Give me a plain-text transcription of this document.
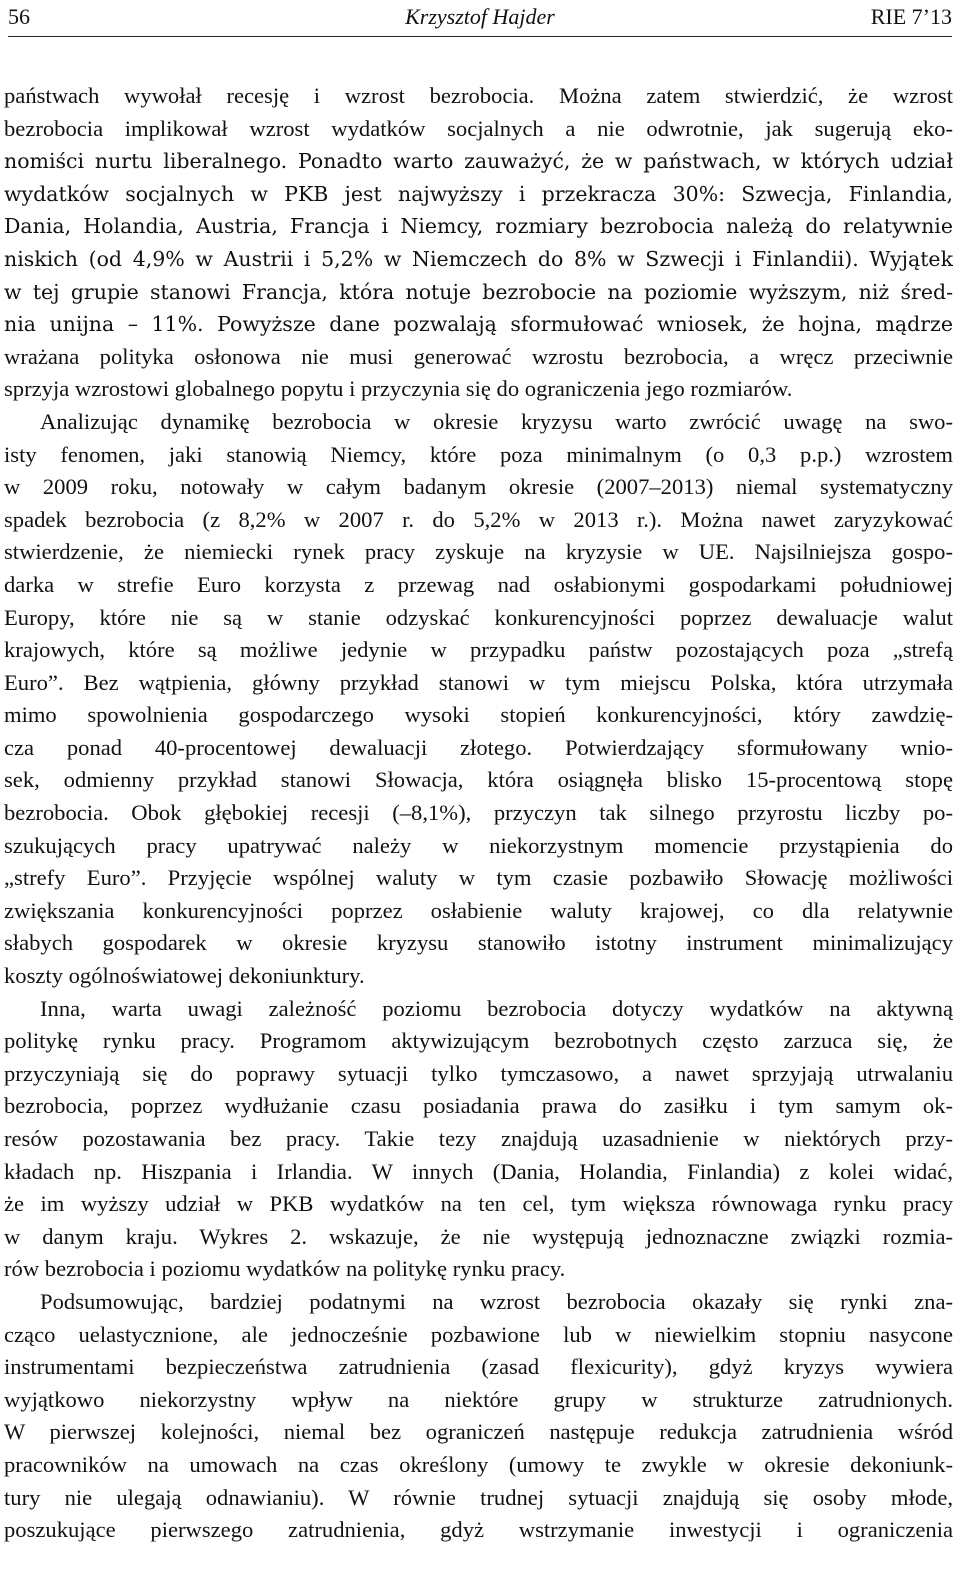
56	Krzysztof Hajder	RIE 7’13
państwach wywołał recesję i wzrost bezrobocia. Można zatem stwierdzić, że wzrost
bezrobocia implikował wzrost wydatków socjalnych a nie odwrotnie, jak sugerują eko-
nomiści nurtu liberalnego. Ponadto warto zauważyć, że w państwach, w których udział
wydatków socjalnych w PKB jest najwyższy i przekracza 30%: Szwecja, Finlandia,
Dania, Holandia, Austria, Francja i Niemcy, rozmiary bezrobocia należą do relatywnie
niskich (od 4,9% w Austrii i 5,2% w Niemczech do 8% w Szwecji i Finlandii). Wyjątek
w tej grupie stanowi Francja, która notuje bezrobocie na poziomie wyższym, niż śred-
nia unijna – 11%. Powyższe dane pozwalają sformułować wniosek, że hojna, mądrze
wrażana polityka osłonowa nie musi generować wzrostu bezrobocia, a wręcz przeciwnie
sprzyja wzrostowi globalnego popytu i przyczynia się do ograniczenia jego rozmiarów.
Analizując dynamikę bezrobocia w okresie kryzysu warto zwrócić uwagę na swo-
isty fenomen, jaki stanowią Niemcy, które poza minimalnym (o 0,3 p.p.) wzrostem
w 2009 roku, notowały w całym badanym okresie (2007–2013) niemal systematyczny
spadek bezrobocia (z 8,2% w 2007 r. do 5,2% w 2013 r.). Można nawet zaryzykować
stwierdzenie, że niemiecki rynek pracy zyskuje na kryzysie w UE. Najsilniejsza gospo-
darka w strefie Euro korzysta z przewag nad osłabionymi gospodarkami południowej
Europy, które nie są w stanie odzyskać konkurencyjności poprzez dewaluacje walut
krajowych, które są możliwe jedynie w przypadku państw pozostających poza „strefą
Euro”. Bez wątpienia, główny przykład stanowi w tym miejscu Polska, która utrzymała
mimo spowolnienia gospodarczego wysoki stopień konkurencyjności, który zawdzię-
cza ponad 40-procentowej dewaluacji złotego. Potwierdzający sformułowany wnio-
sek, odmienny przykład stanowi Słowacja, która osiągnęła blisko 15-procentową stopę
bezrobocia. Obok głębokiej recesji (–8,1%), przyczyn tak silnego przyrostu liczby po-
szukujących pracy upatrywać należy w niekorzystnym momencie przystąpienia do
„strefy Euro”. Przyjęcie wspólnej waluty w tym czasie pozbawiło Słowację możliwości
zwiększania konkurencyjności poprzez osłabienie waluty krajowej, co dla relatywnie
słabych gospodarek w okresie kryzysu stanowiło istotny instrument minimalizujący
koszty ogólnoświatowej dekoniunktury.
Inna, warta uwagi zależność poziomu bezrobocia dotyczy wydatków na aktywną
politykę rynku pracy. Programom aktywizującym bezrobotnych często zarzuca się, że
przyczyniają się do poprawy sytuacji tylko tymczasowo, a nawet sprzyjają utrwalaniu
bezrobocia, poprzez wydłużanie czasu posiadania prawa do zasiłku i tym samym ok-
resów pozostawania bez pracy. Takie tezy znajdują uzasadnienie w niektórych przy-
kładach np. Hiszpania i Irlandia. W innych (Dania, Holandia, Finlandia) z kolei widać,
że im wyższy udział w PKB wydatków na ten cel, tym większa równowaga rynku pracy
w danym kraju. Wykres 2. wskazuje, że nie występują jednoznaczne związki rozmia-
rów bezrobocia i poziomu wydatków na politykę rynku pracy.
Podsumowując, bardziej podatnymi na wzrost bezrobocia okazały się rynki zna-
cząco uelastycznione, ale jednocześnie pozbawione lub w niewielkim stopniu nasycone
instrumentami bezpieczeństwa zatrudnienia (zasad flexicurity), gdyż kryzys wywiera
wyjątkowo niekorzystny wpływ na niektóre grupy w strukturze zatrudnionych.
W pierwszej kolejności, niemal bez ograniczeń następuje redukcja zatrudnienia wśród
pracowników na umowach na czas określony (umowy te zwykle w okresie dekoniunk-
tury nie ulegają odnawianiu). W równie trudnej sytuacji znajdują się osoby młode,
poszukujące pierwszego zatrudnienia, gdyż wstrzymanie inwestycji i ograniczenia
